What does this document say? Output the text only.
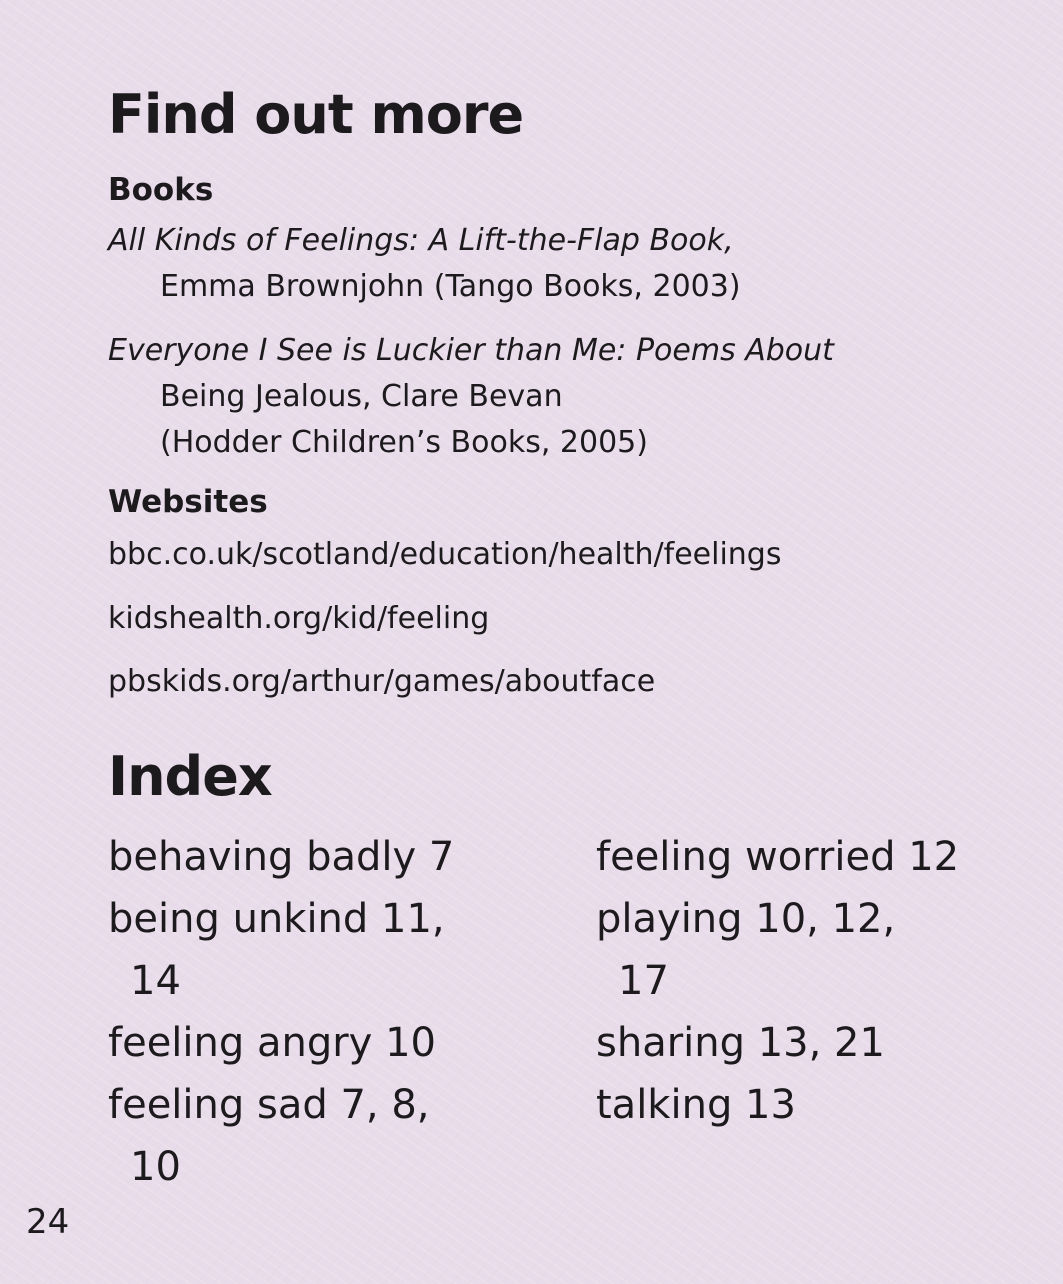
Find out more
Books
All Kinds of Feelings: A Lift-the-Flap Book,
Emma Brownjohn (Tango Books, 2003)
Everyone I See is Luckier than Me: Poems About
Being Jealous, Clare Bevan
(Hodder Children’s Books, 2005)
Websites
bbc.co.uk/scotland/education/health/feelings
kidshealth.org/kid/feeling
pbskids.org/arthur/games/aboutface
Index
behaving badly 7
being unkind 11,
14
feeling angry 10
feeling sad 7, 8,
10
feeling worried 12
playing 10, 12,
17
sharing 13, 21
talking 13
24
